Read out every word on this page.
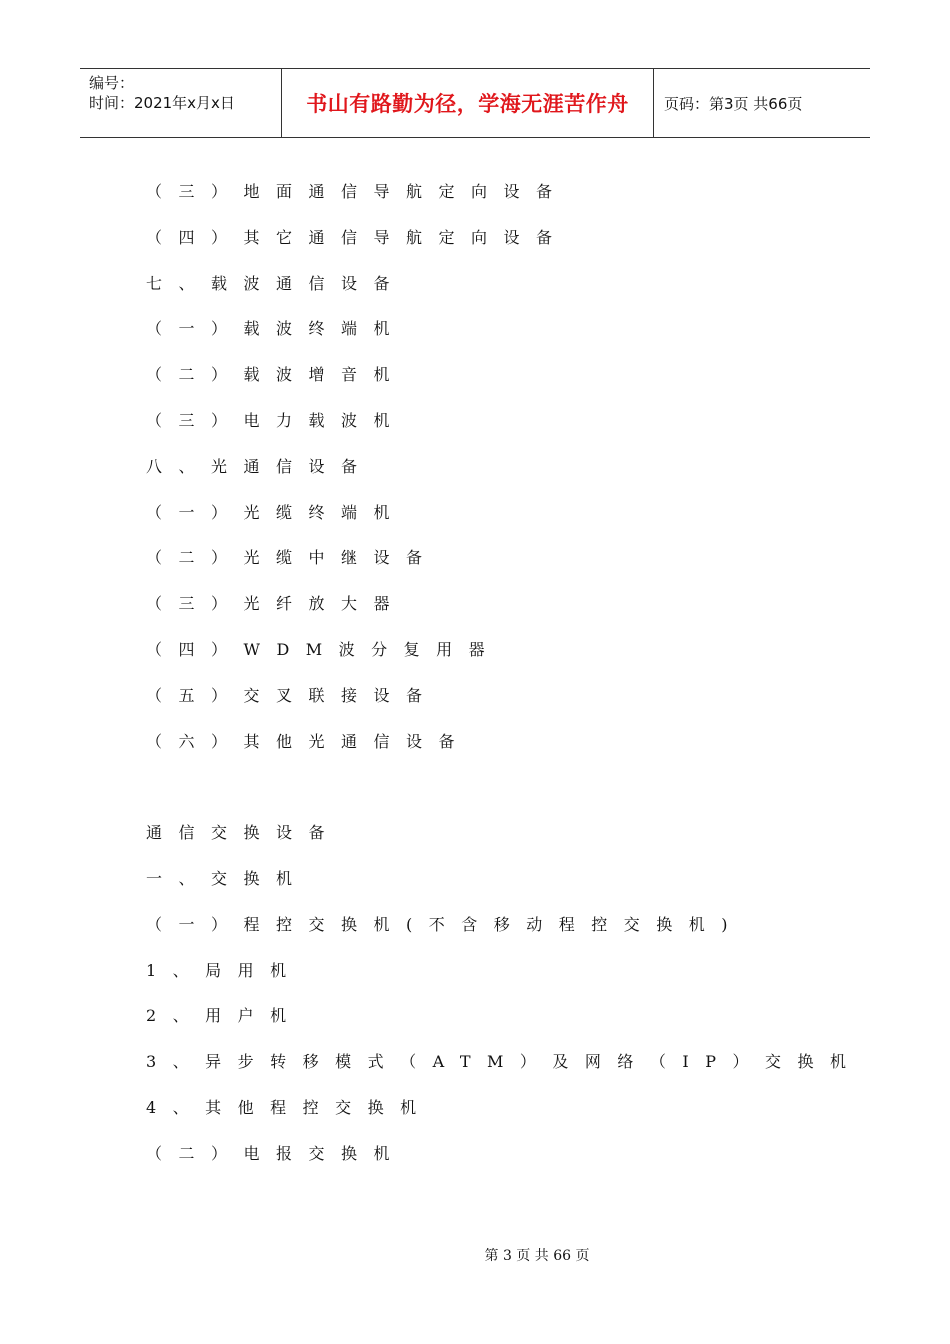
编号：
时间：2021年x月x日	书山有路勤为径，学海无涯苦作舟	页码：第3页 共66页
（三）地面通信导航定向设备
（四）其它通信导航定向设备
七、载波通信设备
（一）载波终端机
（二）载波增音机
（三）电力载波机
八、光通信设备
（一）光缆终端机
（二）光缆中继设备
（三）光纤放大器
（四）WDM波分复用器
（五）交叉联接设备
（六）其他光通信设备
通信交换设备
一、交换机
（一）程控交换机(不含移动程控交换机)
1、局用机
2、用户机
3、异步转移模式（ATM）及网络（IP）交换机
4、其他程控交换机
（二）电报交换机
第 3 页 共 66 页
